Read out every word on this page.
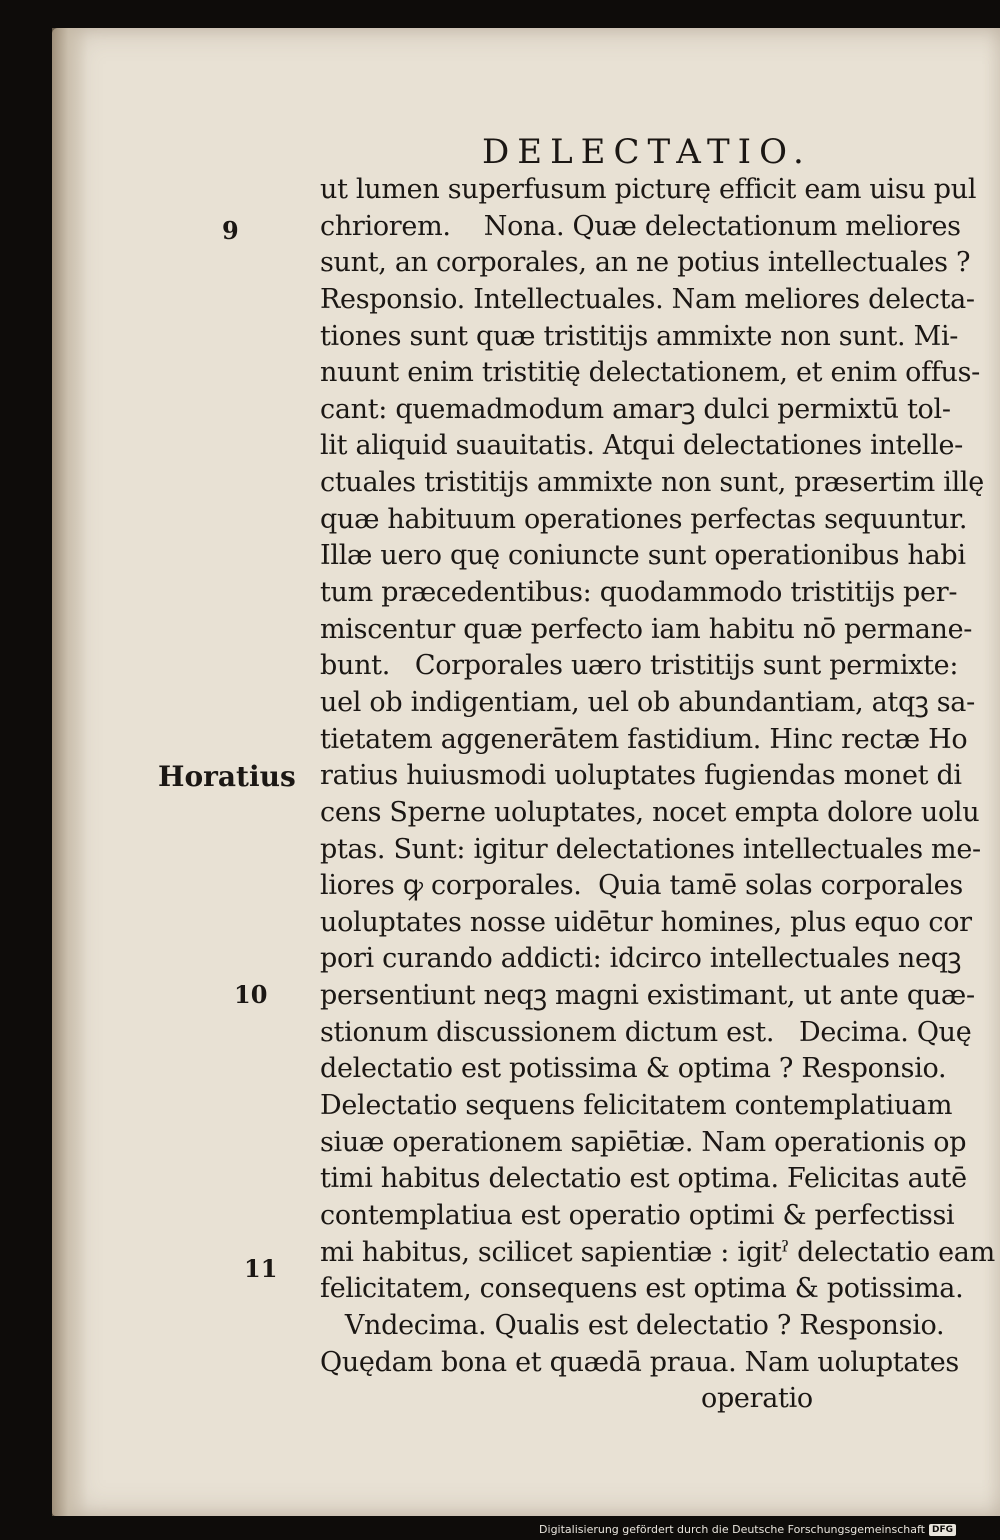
DELECTATIO.
9
Horatius
10
11
ut lumen superfusum picturę efficit eam uisu pul
chriorem.    Nona. Quæ delectationum meliores
sunt, an corporales, an ne potius intellectuales ?
Responsio. Intellectuales. Nam meliores delecta-
tiones sunt quæ tristitijs ammixte non sunt. Mi-
nuunt enim tristitię delectationem, et enim offus-
cant: quemadmodum amarꝫ dulci permixtū tol-
lit aliquid suauitatis. Atqui delectationes intelle-
ctuales tristitijs ammixte non sunt, præsertim illę
quæ habituum operationes perfectas sequuntur.
Illæ uero quę coniuncte sunt operationibus habi
tum præcedentibus: quodammodo tristitijs per-
miscentur quæ perfecto iam habitu nō permane-
bunt.   Corporales uæro tristitijs sunt permixte:
uel ob indigentiam, uel ob abundantiam, atqꝫ sa-
tietatem aggenerātem fastidium. Hinc rectæ Ho
ratius huiusmodi uoluptates fugiendas monet di
cens Sperne uoluptates, nocet empta dolore uolu
ptas. Sunt: igitur delectationes intellectuales me-
liores ꝙ corporales.  Quia tamē solas corporales
uoluptates nosse uidētur homines, plus equo cor
pori curando addicti: idcirco intellectuales neqꝫ
persentiunt neqꝫ magni existimant, ut ante quæ-
stionum discussionem dictum est.   Decima. Quę
delectatio est potissima & optima ? Responsio.
Delectatio sequens felicitatem contemplatiuam
siuæ operationem sapiētiæ. Nam operationis op
timi habitus delectatio est optima. Felicitas autē
contemplatiua est operatio optimi & perfectissi
mi habitus, scilicet sapientiæ : igitˀ delectatio eam
felicitatem, consequens est optima & potissima.
Vndecima. Qualis est delectatio ? Responsio.
Quędam bona et quædā praua. Nam uoluptates
operatio
Digitalisierung gefördert durch die Deutsche Forschungsgemeinschaft DFG
